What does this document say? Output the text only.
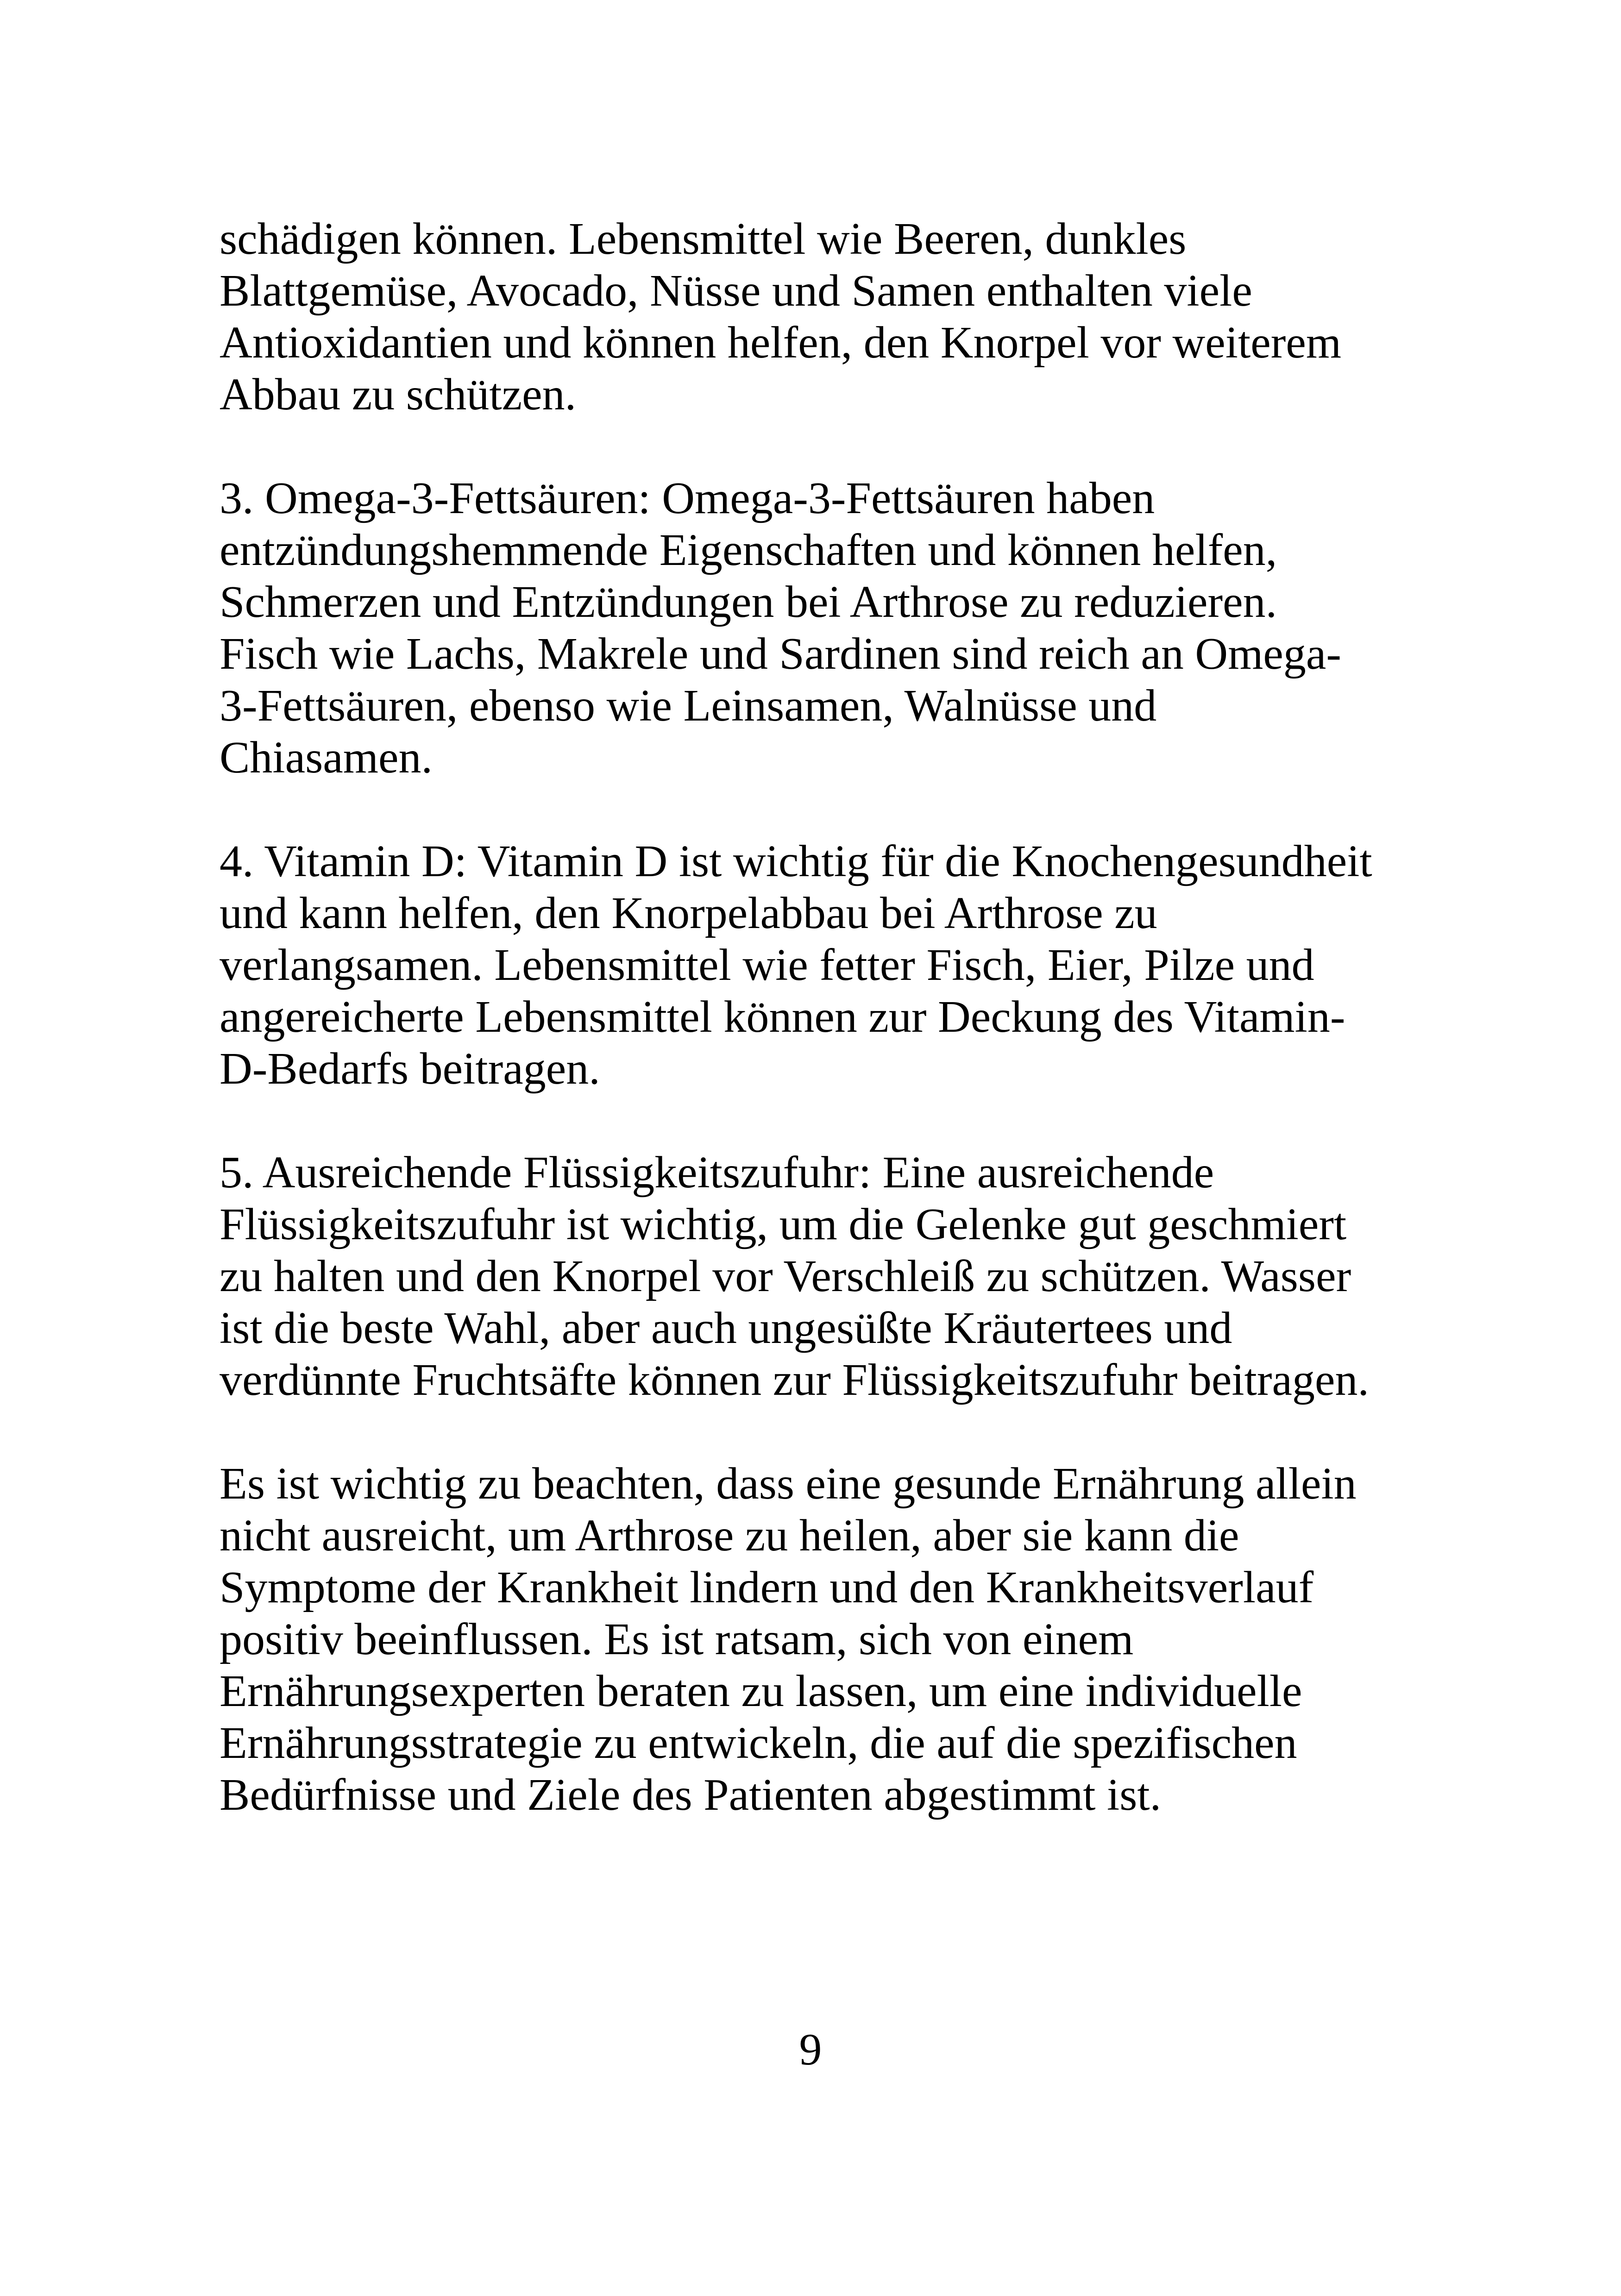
schädigen können. Lebensmittel wie Beeren, dunkles
Blattgemüse, Avocado, Nüsse und Samen enthalten viele
Antioxidantien und können helfen, den Knorpel vor weiterem
Abbau zu schützen.
3. Omega-3-Fettsäuren: Omega-3-Fettsäuren haben
entzündungshemmende Eigenschaften und können helfen,
Schmerzen und Entzündungen bei Arthrose zu reduzieren.
Fisch wie Lachs, Makrele und Sardinen sind reich an Omega-
3-Fettsäuren, ebenso wie Leinsamen, Walnüsse und
Chiasamen.
4. Vitamin D: Vitamin D ist wichtig für die Knochengesundheit
und kann helfen, den Knorpelabbau bei Arthrose zu
verlangsamen. Lebensmittel wie fetter Fisch, Eier, Pilze und
angereicherte Lebensmittel können zur Deckung des Vitamin-
D-Bedarfs beitragen.
5. Ausreichende Flüssigkeitszufuhr: Eine ausreichende
Flüssigkeitszufuhr ist wichtig, um die Gelenke gut geschmiert
zu halten und den Knorpel vor Verschleiß zu schützen. Wasser
ist die beste Wahl, aber auch ungesüßte Kräutertees und
verdünnte Fruchtsäfte können zur Flüssigkeitszufuhr beitragen.
Es ist wichtig zu beachten, dass eine gesunde Ernährung allein
nicht ausreicht, um Arthrose zu heilen, aber sie kann die
Symptome der Krankheit lindern und den Krankheitsverlauf
positiv beeinflussen. Es ist ratsam, sich von einem
Ernährungsexperten beraten zu lassen, um eine individuelle
Ernährungsstrategie zu entwickeln, die auf die spezifischen
Bedürfnisse und Ziele des Patienten abgestimmt ist.
9
